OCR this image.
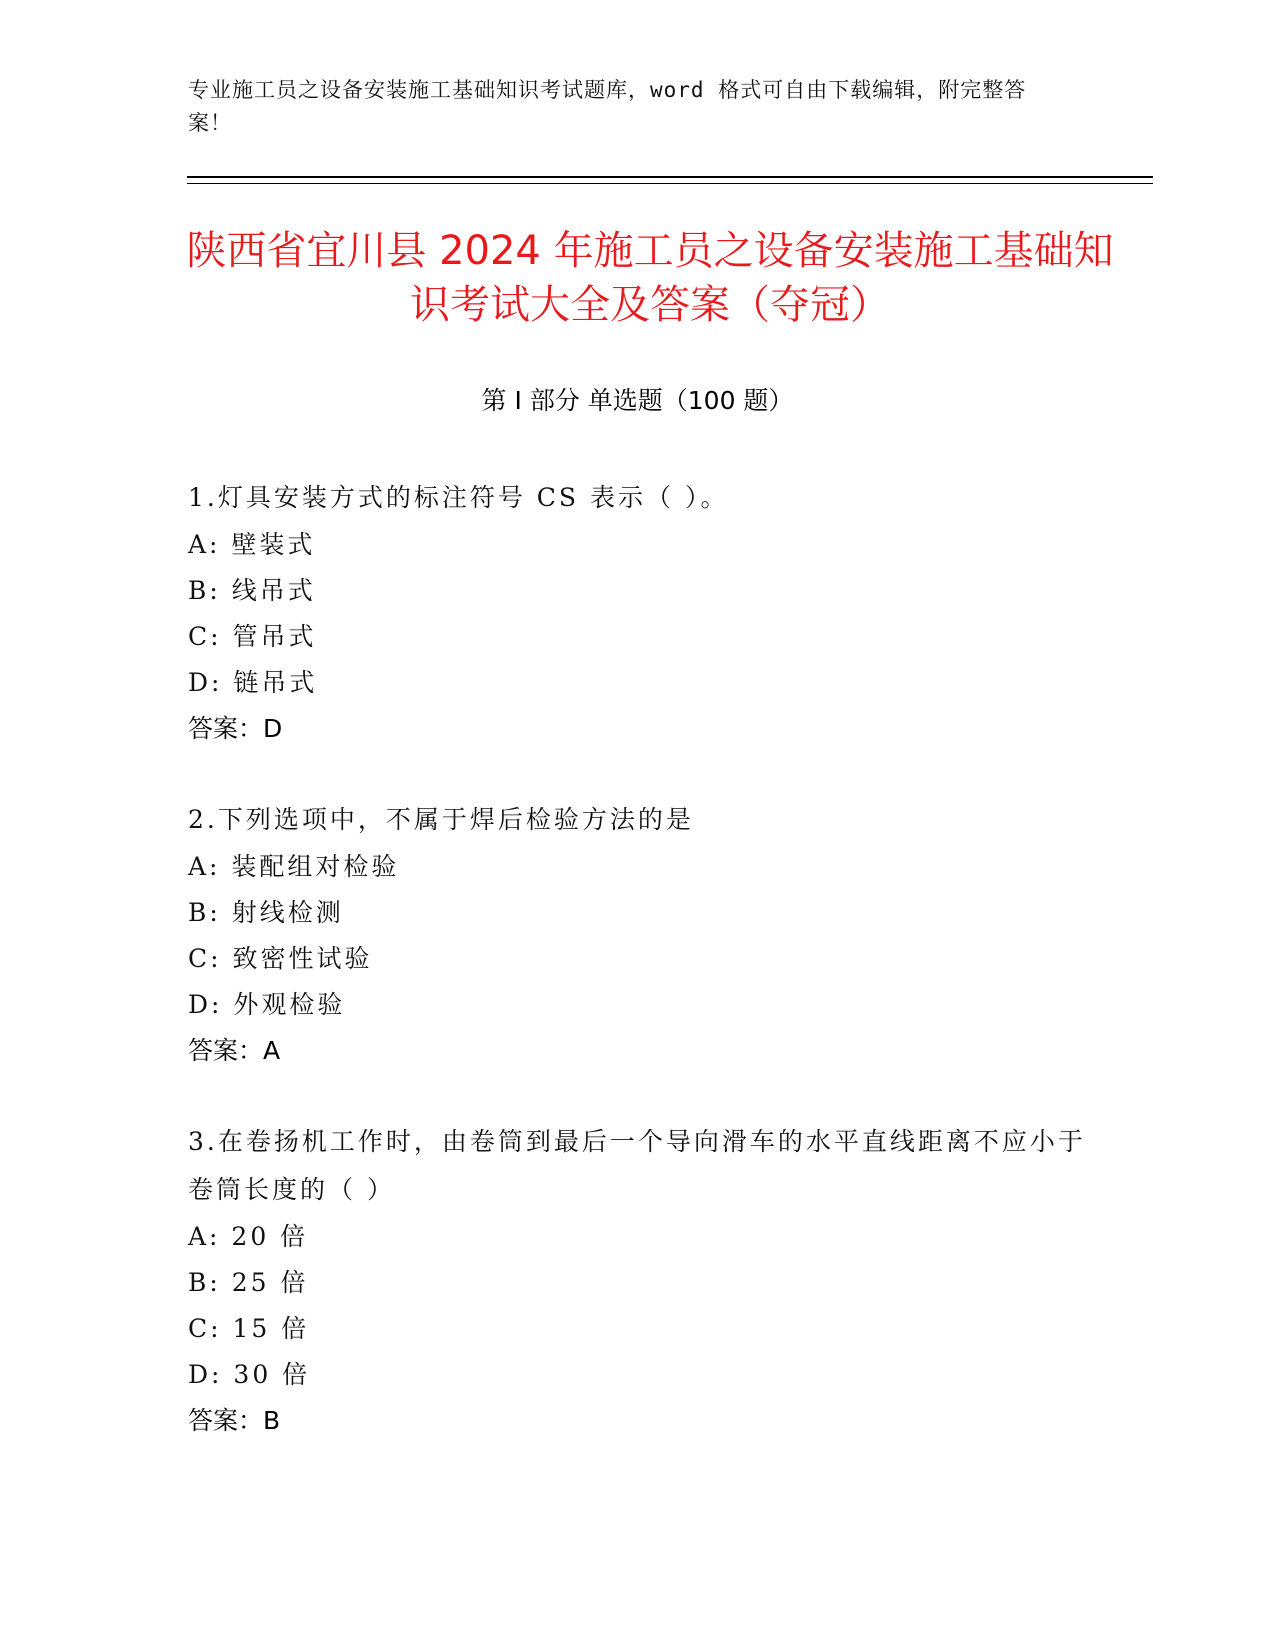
专业施工员之设备安装施工基础知识考试题库，word 格式可自由下载编辑，附完整答案！
陕西省宜川县 2024 年施工员之设备安装施工基础知识考试大全及答案（夺冠）
第 I 部分 单选题（100 题）
1.灯具安装方式的标注符号 CS 表示（ ）。
A: 壁装式
B: 线吊式
C: 管吊式
D: 链吊式
答案：D
2.下列选项中，不属于焊后检验方法的是
A: 装配组对检验
B: 射线检测
C: 致密性试验
D: 外观检验
答案：A
3.在卷扬机工作时，由卷筒到最后一个导向滑车的水平直线距离不应小于卷筒长度的（ ）
A: 20 倍
B: 25 倍
C: 15 倍
D: 30 倍
答案：B
